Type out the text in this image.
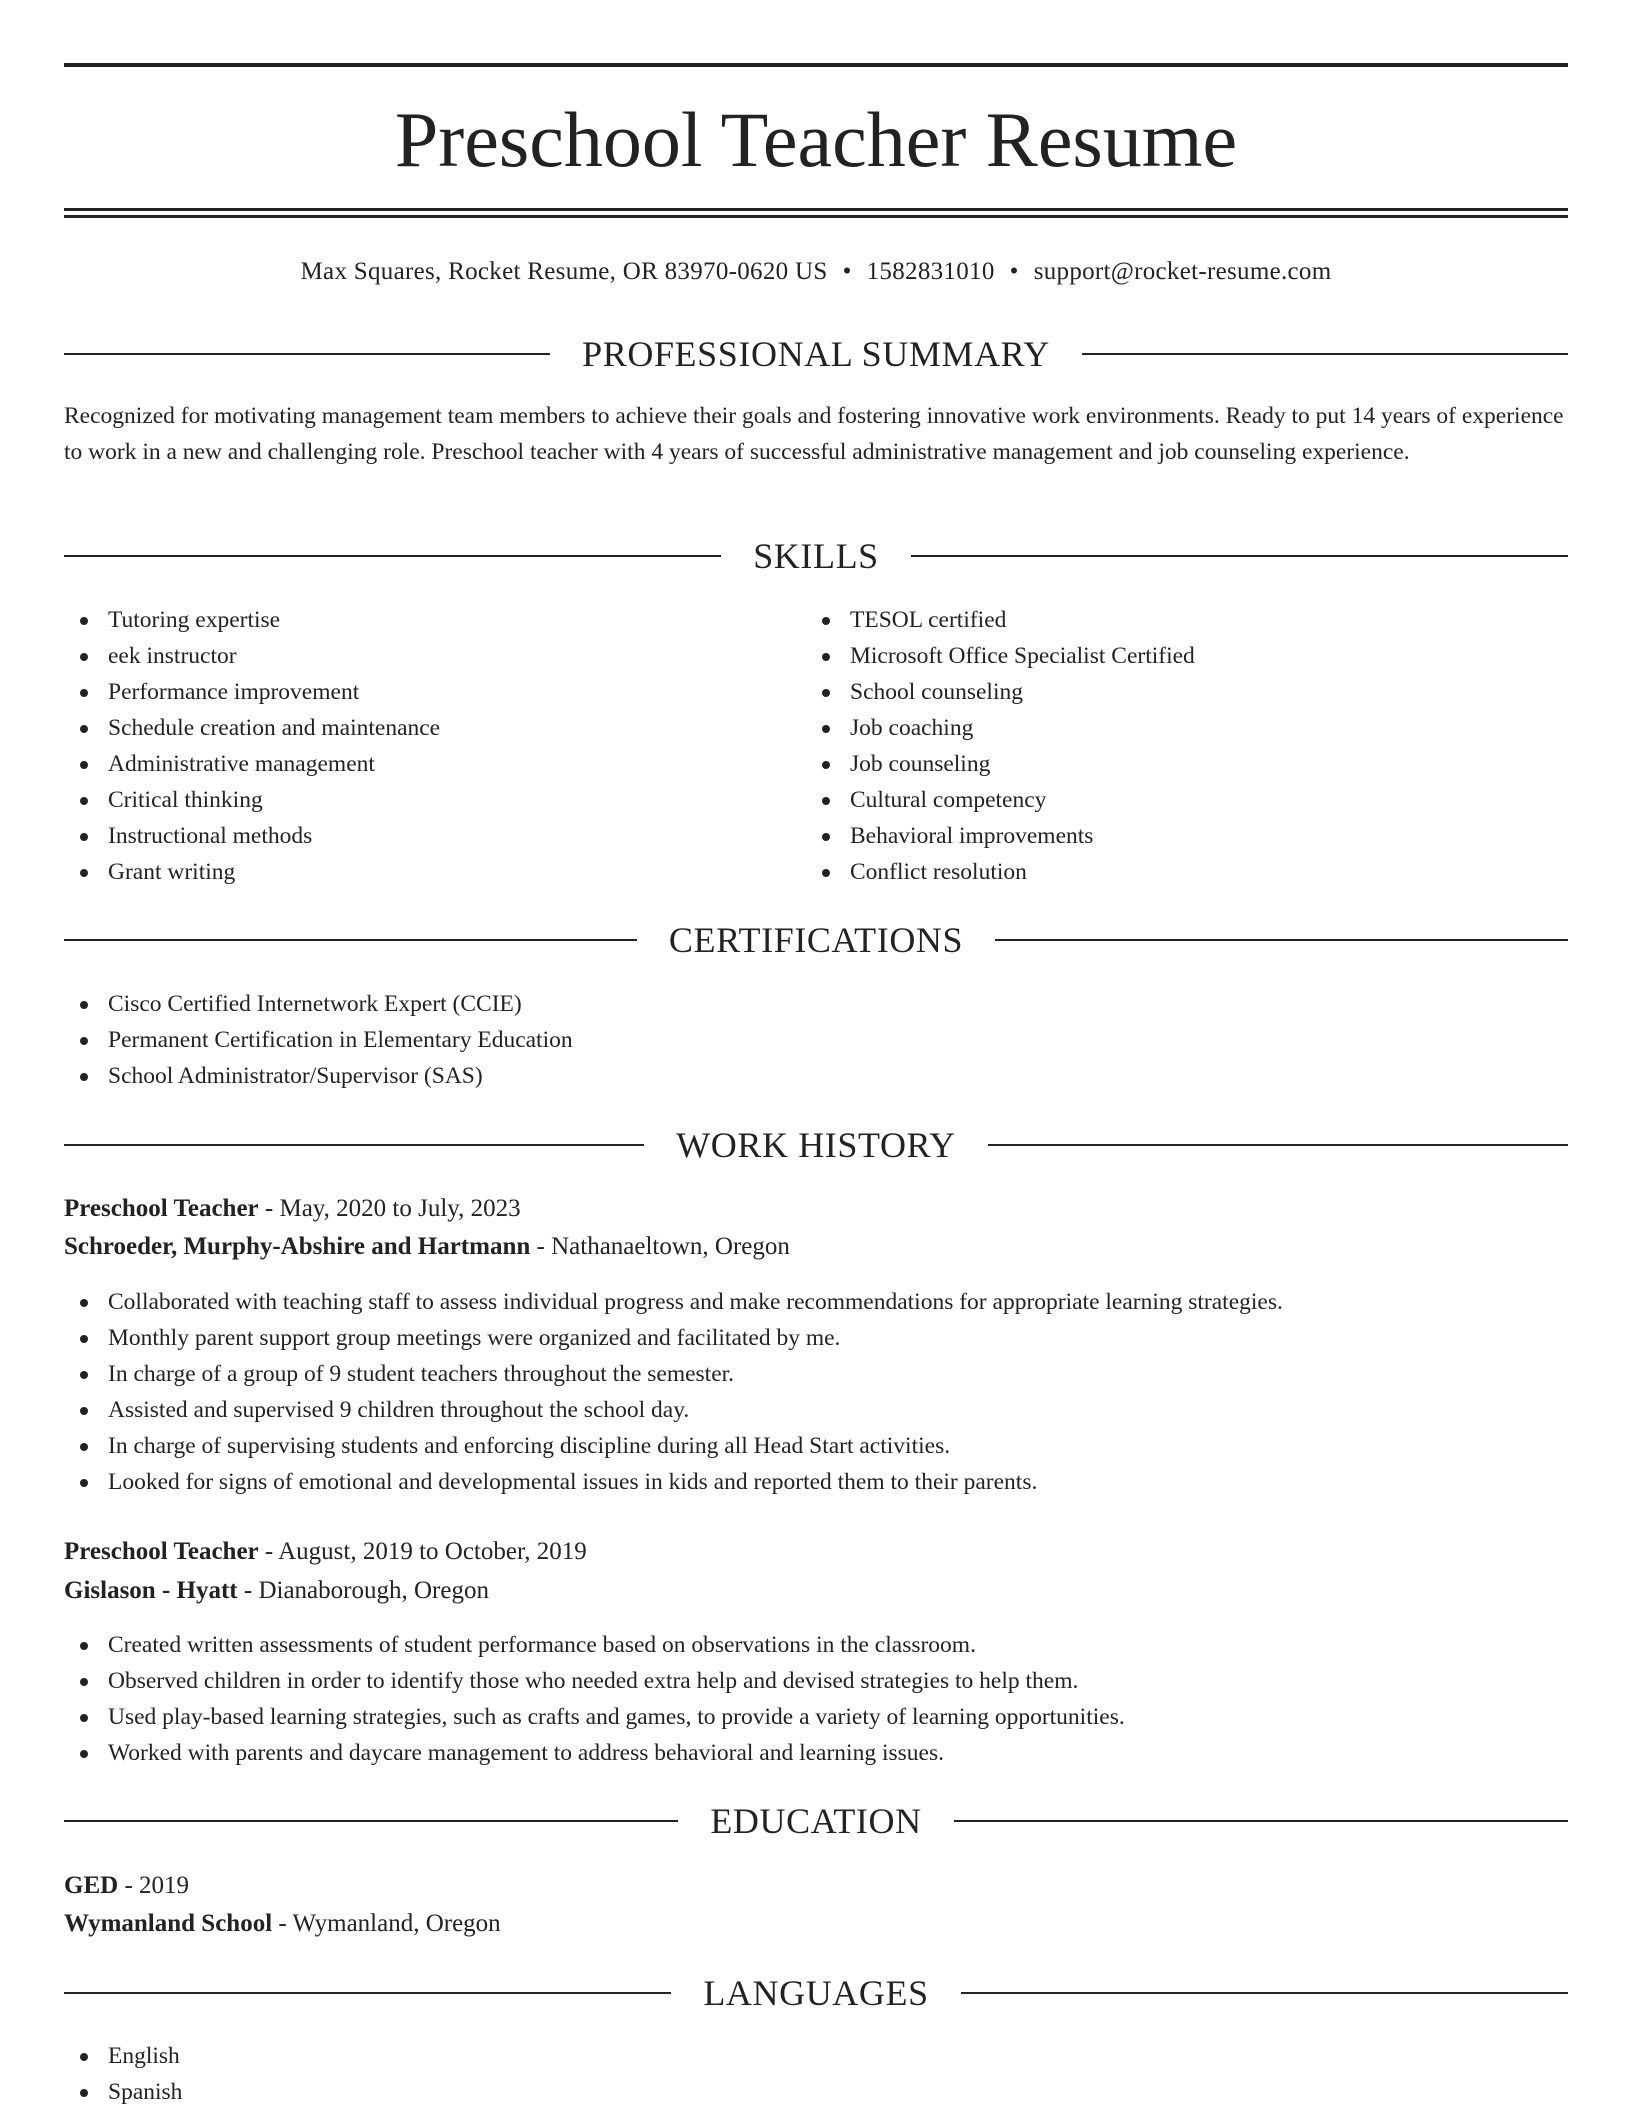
Preschool Teacher Resume
Max Squares, Rocket Resume, OR 83970-0620 US • 1582831010 • support@rocket-resume.com
PROFESSIONAL SUMMARY

Recognized for motivating management team members to achieve their goals and fostering innovative work environments. Ready to put 14 years of experience to work in a new and challenging role. Preschool teacher with 4 years of successful administrative management and job counseling experience.

SKILLS
Tutoring expertise
eek instructor
Performance improvement
Schedule creation and maintenance
Administrative management
Critical thinking
Instructional methods
Grant writing
TESOL certified
Microsoft Office Specialist Certified
School counseling
Job coaching
Job counseling
Cultural competency
Behavioral improvements
Conflict resolution
CERTIFICATIONS
Cisco Certified Internetwork Expert (CCIE)
Permanent Certification in Elementary Education
School Administrator/Supervisor (SAS)
WORK HISTORY
Preschool Teacher - May, 2020 to July, 2023
Schroeder, Murphy-Abshire and Hartmann - Nathanaeltown, Oregon
Collaborated with teaching staff to assess individual progress and make recommendations for appropriate learning strategies.
Monthly parent support group meetings were organized and facilitated by me.
In charge of a group of 9 student teachers throughout the semester.
Assisted and supervised 9 children throughout the school day.
In charge of supervising students and enforcing discipline during all Head Start activities.
Looked for signs of emotional and developmental issues in kids and reported them to their parents.
Preschool Teacher - August, 2019 to October, 2019
Gislason - Hyatt - Dianaborough, Oregon
Created written assessments of student performance based on observations in the classroom.
Observed children in order to identify those who needed extra help and devised strategies to help them.
Used play-based learning strategies, such as crafts and games, to provide a variety of learning opportunities.
Worked with parents and daycare management to address behavioral and learning issues.
EDUCATION
GED - 2019
Wymanland School - Wymanland, Oregon
LANGUAGES
English
Spanish
